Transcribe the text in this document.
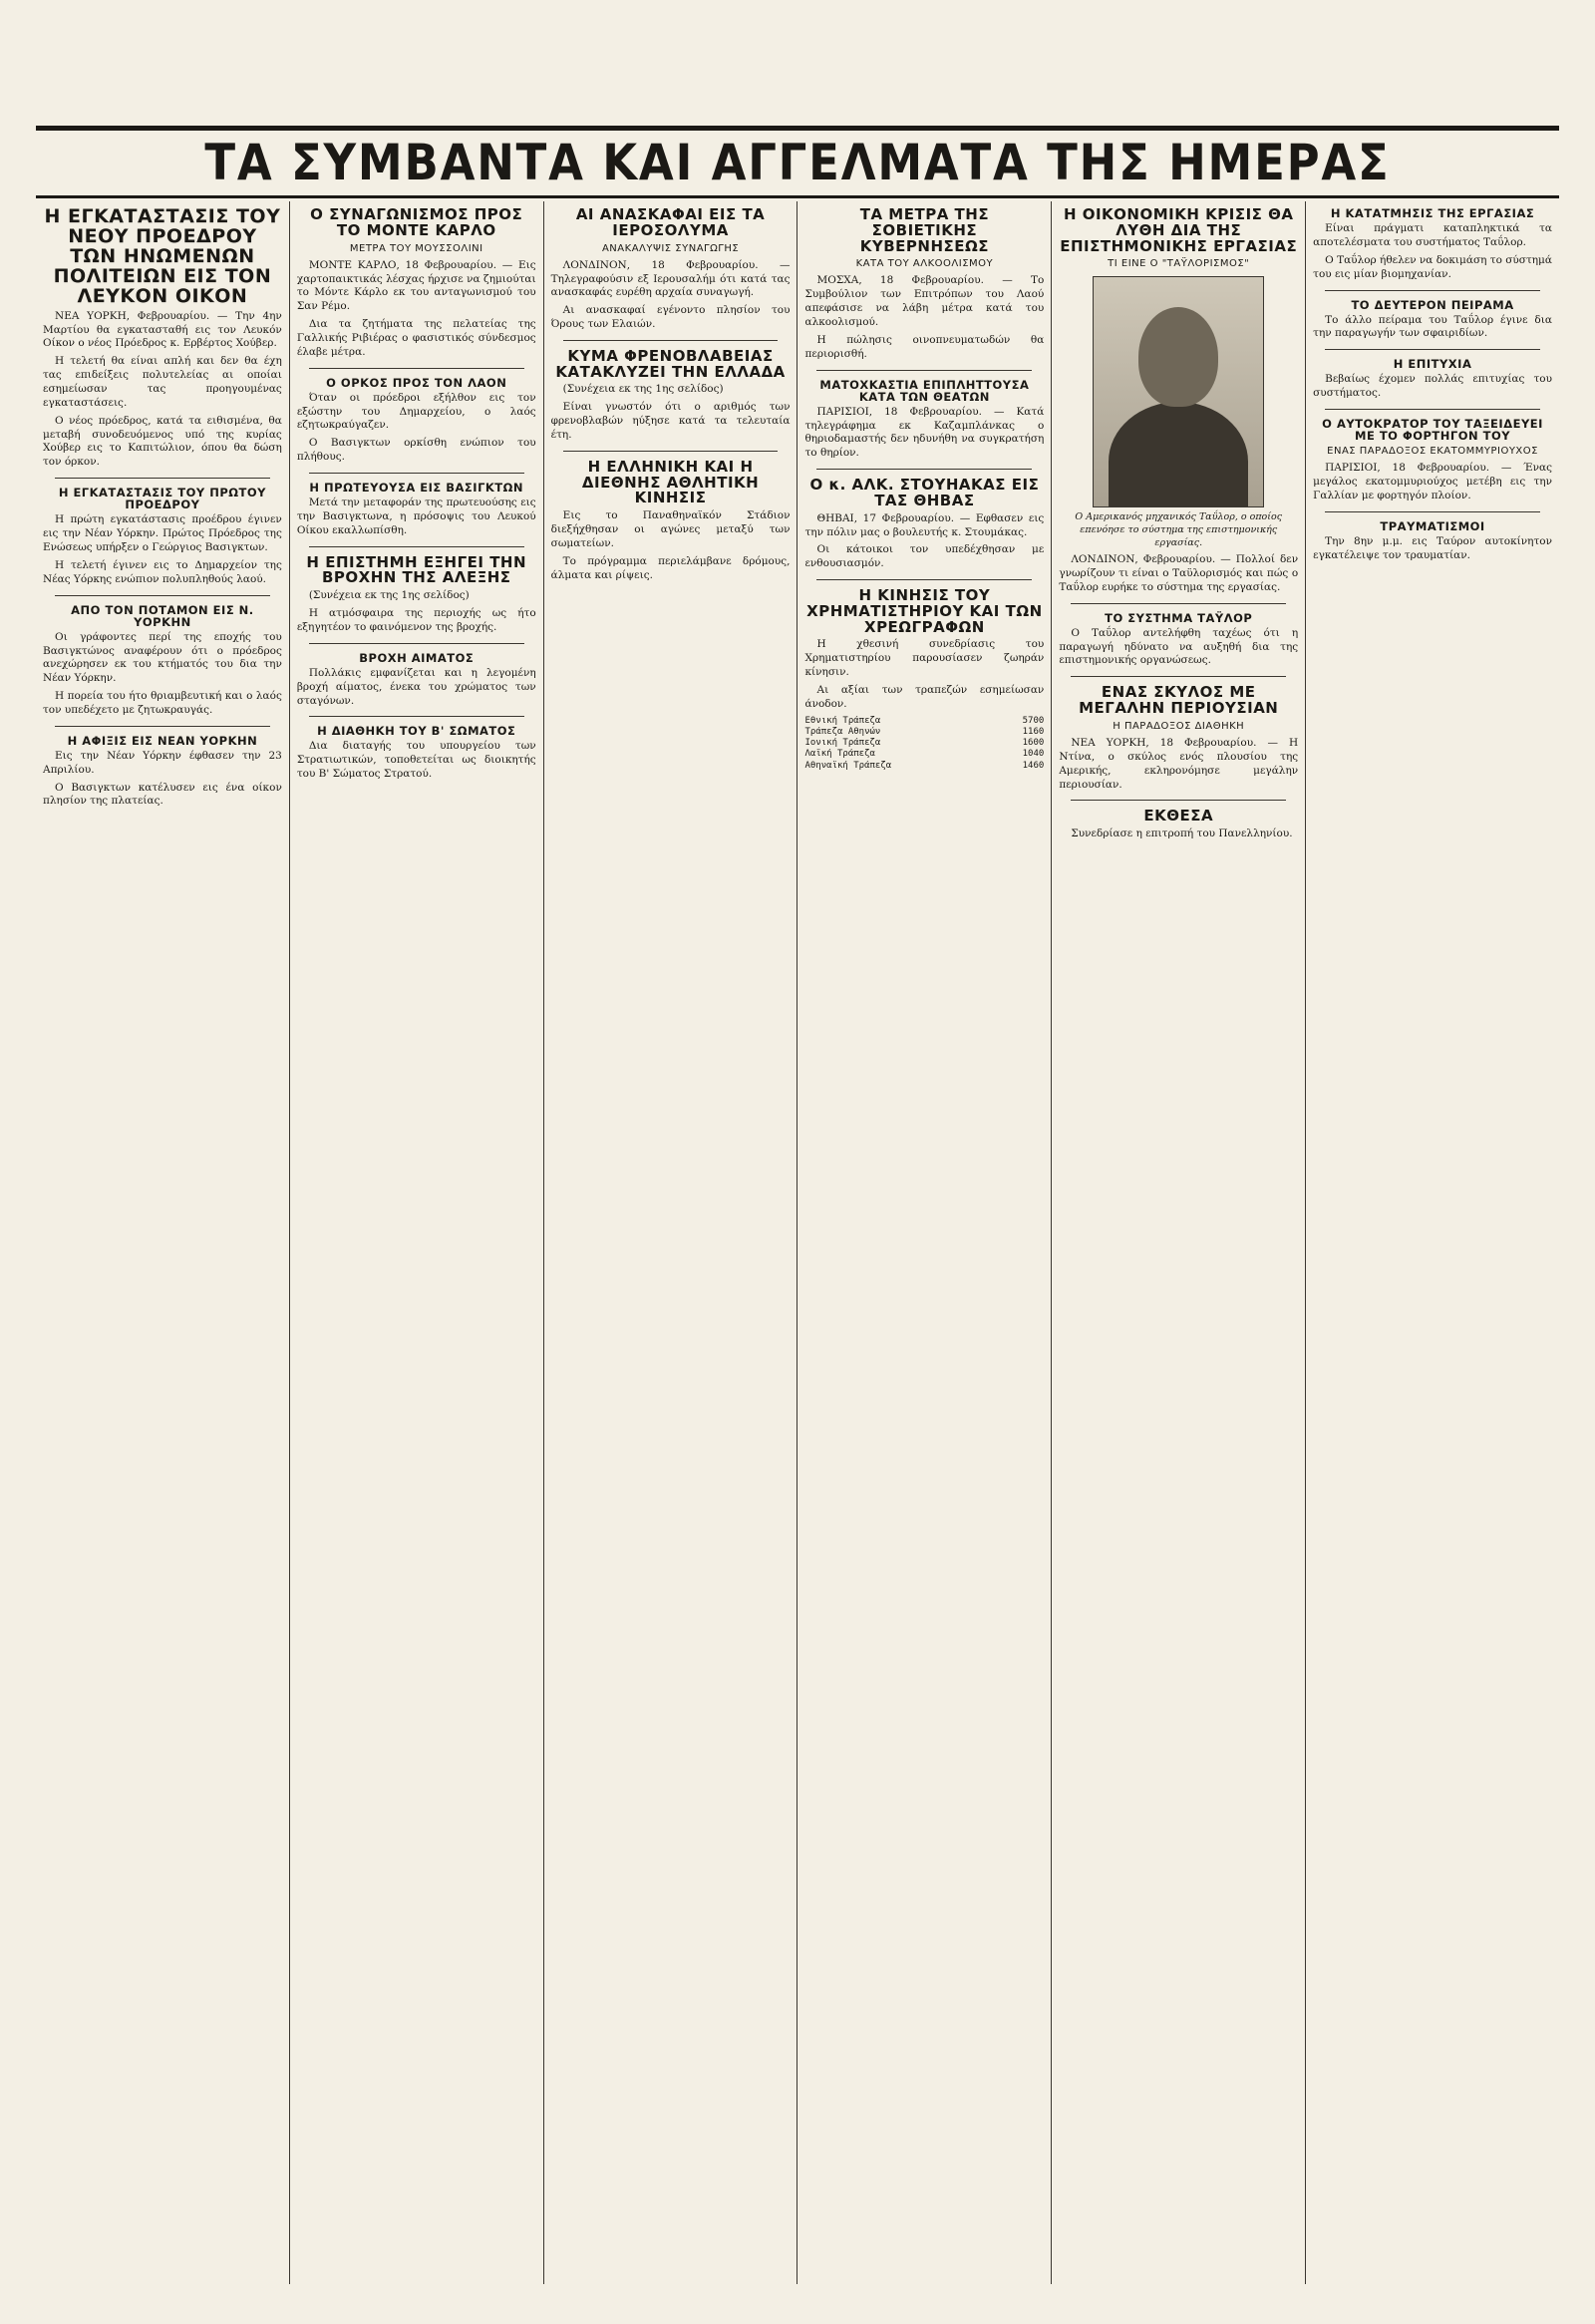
ΤΑ ΣΥΜΒΑΝΤΑ ΚΑΙ ΑΓΓΕΛΜΑΤΑ ΤΗΣ ΗΜΕΡΑΣ
Η ΕΓΚΑΤΑΣΤΑΣΙΣ ΤΟΥ ΝΕΟΥ ΠΡΟΕΔΡΟΥ ΤΩΝ ΗΝΩΜΕΝΩΝ ΠΟΛΙΤΕΙΩΝ ΕΙΣ ΤΟΝ ΛΕΥΚΟΝ ΟΙΚΟΝ

ΝΕΑ ΥΟΡΚΗ, Φεβρουαρίου. — Την 4ην Μαρτίου θα εγκατασταθή εις τον Λευκόν Οίκον ο νέος Πρόεδρος κ. Ερβέρτος Χούβερ.

Η τελετή θα είναι απλή και δεν θα έχη τας επιδείξεις πολυτελείας αι οποίαι εσημείωσαν τας προηγουμένας εγκαταστάσεις.

Ο νέος πρόεδρος, κατά τα ειθισμένα, θα μεταβή συνοδευόμενος υπό της κυρίας Χούβερ εις το Καπιτώλιον, όπου θα δώση τον όρκον.

Η ΕΓΚΑΤΑΣΤΑΣΙΣ ΤΟΥ ΠΡΩΤΟΥ ΠΡΟΕΔΡΟΥ

Η πρώτη εγκατάστασις προέδρου έγινεν εις την Νέαν Υόρκην. Πρώτος Πρόεδρος της Ενώσεως υπήρξεν ο Γεώργιος Βασιγκτων.

Η τελετή έγινεν εις το Δημαρχείον της Νέας Υόρκης ενώπιον πολυπληθούς λαού.

ΑΠΟ ΤΟΝ ΠΟΤΑΜΟΝ ΕΙΣ Ν. ΥΟΡΚΗΝ

Οι γράφοντες περί της εποχής του Βασιγκτώνος αναφέρουν ότι ο πρόεδρος ανεχώρησεν εκ του κτήματός του δια την Νέαν Υόρκην.

Η πορεία του ήτο θριαμβευτική και ο λαός τον υπεδέχετο με ζητωκραυγάς.

Η ΑΦΙΞΙΣ ΕΙΣ ΝΕΑΝ ΥΟΡΚΗΝ

Εις την Νέαν Υόρκην έφθασεν την 23 Απριλίου.

Ο Βασιγκτων κατέλυσεν εις ένα οίκον πλησίον της πλατείας.

Ο ΣΥΝΑΓΩΝΙΣΜΟΣ ΠΡΟΣ ΤΟ ΜΟΝΤΕ ΚΑΡΛΟ
ΜΕΤΡΑ ΤΟΥ ΜΟΥΣΣΟΛΙΝΙ

ΜΟΝΤΕ ΚΑΡΛΟ, 18 Φεβρουαρίου. — Εις χαρτοπαικτικάς λέσχας ήρχισε να ζημιούται το Μόντε Κάρλο εκ του ανταγωνισμού του Σαν Ρέμο.

Δια τα ζητήματα της πελατείας της Γαλλικής Ριβιέρας ο φασιστικός σύνδεσμος έλαβε μέτρα.

Ο ΟΡΚΟΣ ΠΡΟΣ ΤΟΝ ΛΑΟΝ

Όταν οι πρόεδροι εξήλθον εις τον εξώστην του Δημαρχείου, ο λαός εζητωκραύγαζεν.

Ο Βασιγκτων ορκίσθη ενώπιον του πλήθους.

Η ΠΡΩΤΕΥΟΥΣΑ ΕΙΣ ΒΑΣΙΓΚΤΩΝ

Μετά την μεταφοράν της πρωτευούσης εις την Βασιγκτωνα, η πρόσοψις του Λευκού Οίκου εκαλλωπίσθη.

Η ΕΠΙΣΤΗΜΗ ΕΞΗΓΕΙ ΤΗΝ ΒΡΟΧΗΝ ΤΗΣ ΑΛΕΞΗΣ

(Συνέχεια εκ της 1ης σελίδος)

Η ατμόσφαιρα της περιοχής ως ήτο εξηγητέον το φαινόμενον της βροχής.

ΒΡΟΧΗ ΑΙΜΑΤΟΣ

Πολλάκις εμφανίζεται και η λεγομένη βροχή αίματος, ένεκα του χρώματος των σταγόνων.

Η ΔΙΑΘΗΚΗ ΤΟΥ Β' ΣΩΜΑΤΟΣ

Δια διαταγής του υπουργείου των Στρατιωτικών, τοποθετείται ως διοικητής του Β' Σώματος Στρατού.

ΑΙ ΑΝΑΣΚΑΦΑΙ ΕΙΣ ΤΑ ΙΕΡΟΣΟΛΥΜΑ
ΑΝΑΚΑΛΥΨΙΣ ΣΥΝΑΓΩΓΗΣ

ΛΟΝΔΙΝΟΝ, 18 Φεβρουαρίου. — Τηλεγραφούσιν εξ Ιερουσαλήμ ότι κατά τας ανασκαφάς ευρέθη αρχαία συναγωγή.

Αι ανασκαφαί εγένοντο πλησίον του Όρους των Ελαιών.

ΚΥΜΑ ΦΡΕΝΟΒΛΑΒΕΙΑΣ ΚΑΤΑΚΛΥΖΕΙ ΤΗΝ ΕΛΛΑΔΑ

(Συνέχεια εκ της 1ης σελίδος)

Είναι γνωστόν ότι ο αριθμός των φρενοβλαβών ηύξησε κατά τα τελευταία έτη.

Η ΕΛΛΗΝΙΚΗ ΚΑΙ Η ΔΙΕΘΝΗΣ ΑΘΛΗΤΙΚΗ ΚΙΝΗΣΙΣ

Εις το Παναθηναϊκόν Στάδιον διεξήχθησαν οι αγώνες μεταξύ των σωματείων.

Το πρόγραμμα περιελάμβανε δρόμους, άλματα και ρίψεις.

ΤΑ ΜΕΤΡΑ ΤΗΣ ΣΟΒΙΕΤΙΚΗΣ ΚΥΒΕΡΝΗΣΕΩΣ
ΚΑΤΑ ΤΟΥ ΑΛΚΟΟΛΙΣΜΟΥ

ΜΟΣΧΑ, 18 Φεβρουαρίου. — Το Συμβούλιον των Επιτρόπων του Λαού απεφάσισε να λάβη μέτρα κατά του αλκοολισμού.

Η πώλησις οινοπνευματωδών θα περιορισθή.

ΜΑΤΟΧΚΑΣΤΙΑ ΕΠΙΠΛΗΤΤΟΥΣΑ ΚΑΤΑ ΤΩΝ ΘΕΑΤΩΝ

ΠΑΡΙΣΙΟΙ, 18 Φεβρουαρίου. — Κατά τηλεγράφημα εκ Καζαμπλάνκας ο θηριοδαμαστής δεν ηδυνήθη να συγκρατήση το θηρίον.

Ο κ. ΑΛΚ. ΣΤΟΥΗΑΚΑΣ ΕΙΣ ΤΑΣ ΘΗΒΑΣ

ΘΗΒΑΙ, 17 Φεβρουαρίου. — Εφθασεν εις την πόλιν μας ο βουλευτής κ. Στουμάκας.

Οι κάτοικοι τον υπεδέχθησαν με ενθουσιασμόν.

Η ΚΙΝΗΣΙΣ ΤΟΥ ΧΡΗΜΑΤΙΣΤΗΡΙΟΥ ΚΑΙ ΤΩΝ ΧΡΕΩΓΡΑΦΩΝ

Η χθεσινή συνεδρίασις του Χρηματιστηρίου παρουσίασεν ζωηράν κίνησιν.

Αι αξίαι των τραπεζών εσημείωσαν άνοδον.

Εθνική Τράπεζα	5700
Τράπεζα Αθηνών	1160
Ιονική Τράπεζα	1600
Λαϊκή Τράπεζα	1040
Αθηναϊκή Τράπεζα	1460
Η ΟΙΚΟΝΟΜΙΚΗ ΚΡΙΣΙΣ ΘΑ ΛΥΘΗ ΔΙΑ ΤΗΣ ΕΠΙΣΤΗΜΟΝΙΚΗΣ ΕΡΓΑΣΙΑΣ
ΤΙ ΕΙΝΕ Ο "ΤΑΫΛΟΡΙΣΜΟΣ"
Ο Αμερικανός μηχανικός Ταΰλορ, ο οποίος επενόησε το σύστημα της επιστημονικής εργασίας.

ΛΟΝΔΙΝΟΝ, Φεβρουαρίου. — Πολλοί δεν γνωρίζουν τι είναι ο Ταϋλορισμός και πώς ο Ταΰλορ ευρήκε το σύστημα της εργασίας.

ΤΟ ΣΥΣΤΗΜΑ ΤΑΫΛΟΡ

Ο Ταΰλορ αντελήφθη ταχέως ότι η παραγωγή ηδύνατο να αυξηθή δια της επιστημονικής οργανώσεως.

ΕΝΑΣ ΣΚΥΛΟΣ ΜΕ ΜΕΓΑΛΗΝ ΠΕΡΙΟΥΣΙΑΝ
Η ΠΑΡΑΔΟΞΟΣ ΔΙΑΘΗΚΗ

ΝΕΑ ΥΟΡΚΗ, 18 Φεβρουαρίου. — Η Ντίνα, ο σκύλος ενός πλουσίου της Αμερικής, εκληρονόμησε μεγάλην περιουσίαν.

ΕΚΘΕΣΑ

Συνεδρίασε η επιτροπή του Πανελληνίου.

Η ΚΑΤΑΤΜΗΣΙΣ ΤΗΣ ΕΡΓΑΣΙΑΣ

Είναι πράγματι καταπληκτικά τα αποτελέσματα του συστήματος Ταΰλορ.

Ο Ταΰλορ ήθελεν να δοκιμάση το σύστημά του εις μίαν βιομηχανίαν.

ΤΟ ΔΕΥΤΕΡΟΝ ΠΕΙΡΑΜΑ

Το άλλο πείραμα του Ταΰλορ έγινε δια την παραγωγήν των σφαιριδίων.

Η ΕΠΙΤΥΧΙΑ

Βεβαίως έχομεν πολλάς επιτυχίας του συστήματος.

Ο ΑΥΤΟΚΡΑΤΟΡ ΤΟΥ ΤΑΞΕΙΔΕΥΕΙ ΜΕ ΤΟ ΦΟΡΤΗΓΟΝ ΤΟΥ
ΕΝΑΣ ΠΑΡΑΔΟΞΟΣ ΕΚΑΤΟΜΜΥΡΙΟΥΧΟΣ

ΠΑΡΙΣΙΟΙ, 18 Φεβρουαρίου. — Ένας μεγάλος εκατομμυριούχος μετέβη εις την Γαλλίαν με φορτηγόν πλοίον.

ΤΡΑΥΜΑΤΙΣΜΟΙ

Την 8ην μ.μ. εις Ταύρον αυτοκίνητον εγκατέλειψε τον τραυματίαν.
